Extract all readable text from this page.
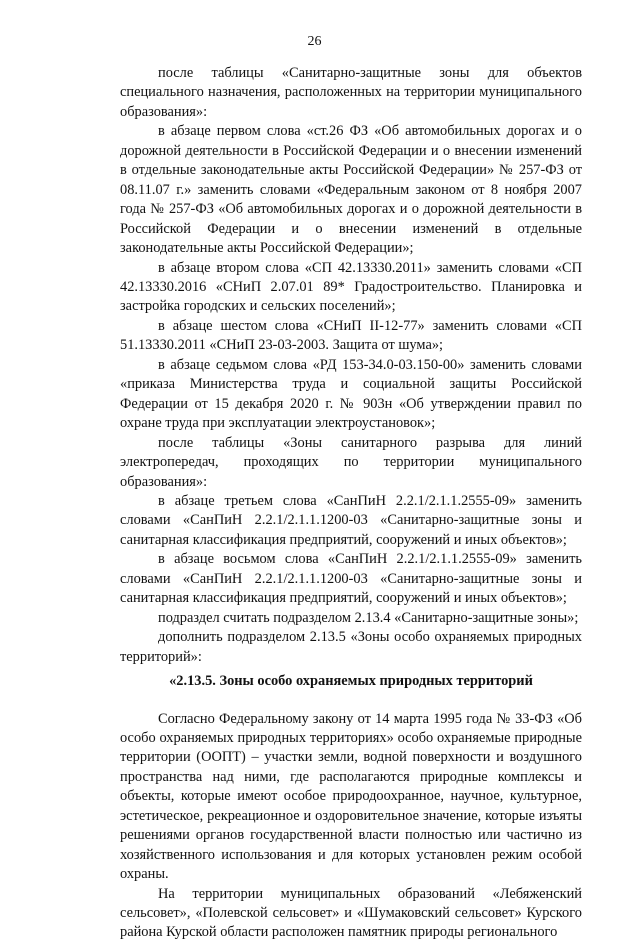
26

после таблицы «Санитарно-защитные зоны для объектов специального назначения, расположенных на территории муниципального образования»:

в абзаце первом слова «ст.26 ФЗ «Об автомобильных дорогах и о дорожной деятельности в Российской Федерации и о внесении изменений в отдельные законодательные акты Российской Федерации» № 257-ФЗ от 08.11.07 г.» заменить словами «Федеральным законом от 8 ноября 2007 года № 257-ФЗ «Об автомобильных дорогах и о дорожной деятельности в Российской Федерации и о внесении изменений в отдельные законодательные акты Российской Федерации»;

в абзаце втором слова «СП 42.13330.2011» заменить словами «СП 42.13330.2016 «СНиП 2.07.01 89* Градостроительство. Планировка и застройка городских и сельских поселений»;

в абзаце шестом слова «СНиП II-12-77» заменить словами «СП 51.13330.2011 «СНиП 23-03-2003. Защита от шума»;

в абзаце седьмом слова «РД 153-34.0-03.150-00» заменить словами «приказа Министерства труда и социальной защиты Российской Федерации от 15 декабря 2020 г. № 903н «Об утверждении правил по охране труда при эксплуатации электроустановок»;

после таблицы «Зоны санитарного разрыва для линий электропередач, проходящих по территории муниципального образования»:

в абзаце третьем слова «СанПиН 2.2.1/2.1.1.2555-09» заменить словами «СанПиН 2.2.1/2.1.1.1200-03 «Санитарно-защитные зоны и санитарная классификация предприятий, сооружений и иных объектов»;

в абзаце восьмом слова «СанПиН 2.2.1/2.1.1.2555-09» заменить словами «СанПиН 2.2.1/2.1.1.1200-03 «Санитарно-защитные зоны и санитарная классификация предприятий, сооружений и иных объектов»;

подраздел считать подразделом 2.13.4 «Санитарно-защитные зоны»;

дополнить подразделом 2.13.5 «Зоны особо охраняемых природных территорий»:

«2.13.5. Зоны особо охраняемых природных территорий

Согласно Федеральному закону от 14 марта 1995 года № 33-ФЗ «Об особо охраняемых природных территориях» особо охраняемые природные территории (ООПТ) – участки земли, водной поверхности и воздушного пространства над ними, где располагаются природные комплексы и объекты, которые имеют особое природоохранное, научное, культурное, эстетическое, рекреационное и оздоровительное значение, которые изъяты решениями органов государственной власти полностью или частично из хозяйственного использования и для которых установлен режим особой охраны.

На территории муниципальных образований «Лебяженский сельсовет», «Полевской сельсовет» и «Шумаковский сельсовет» Курского района Курской области расположен памятник природы регионального
